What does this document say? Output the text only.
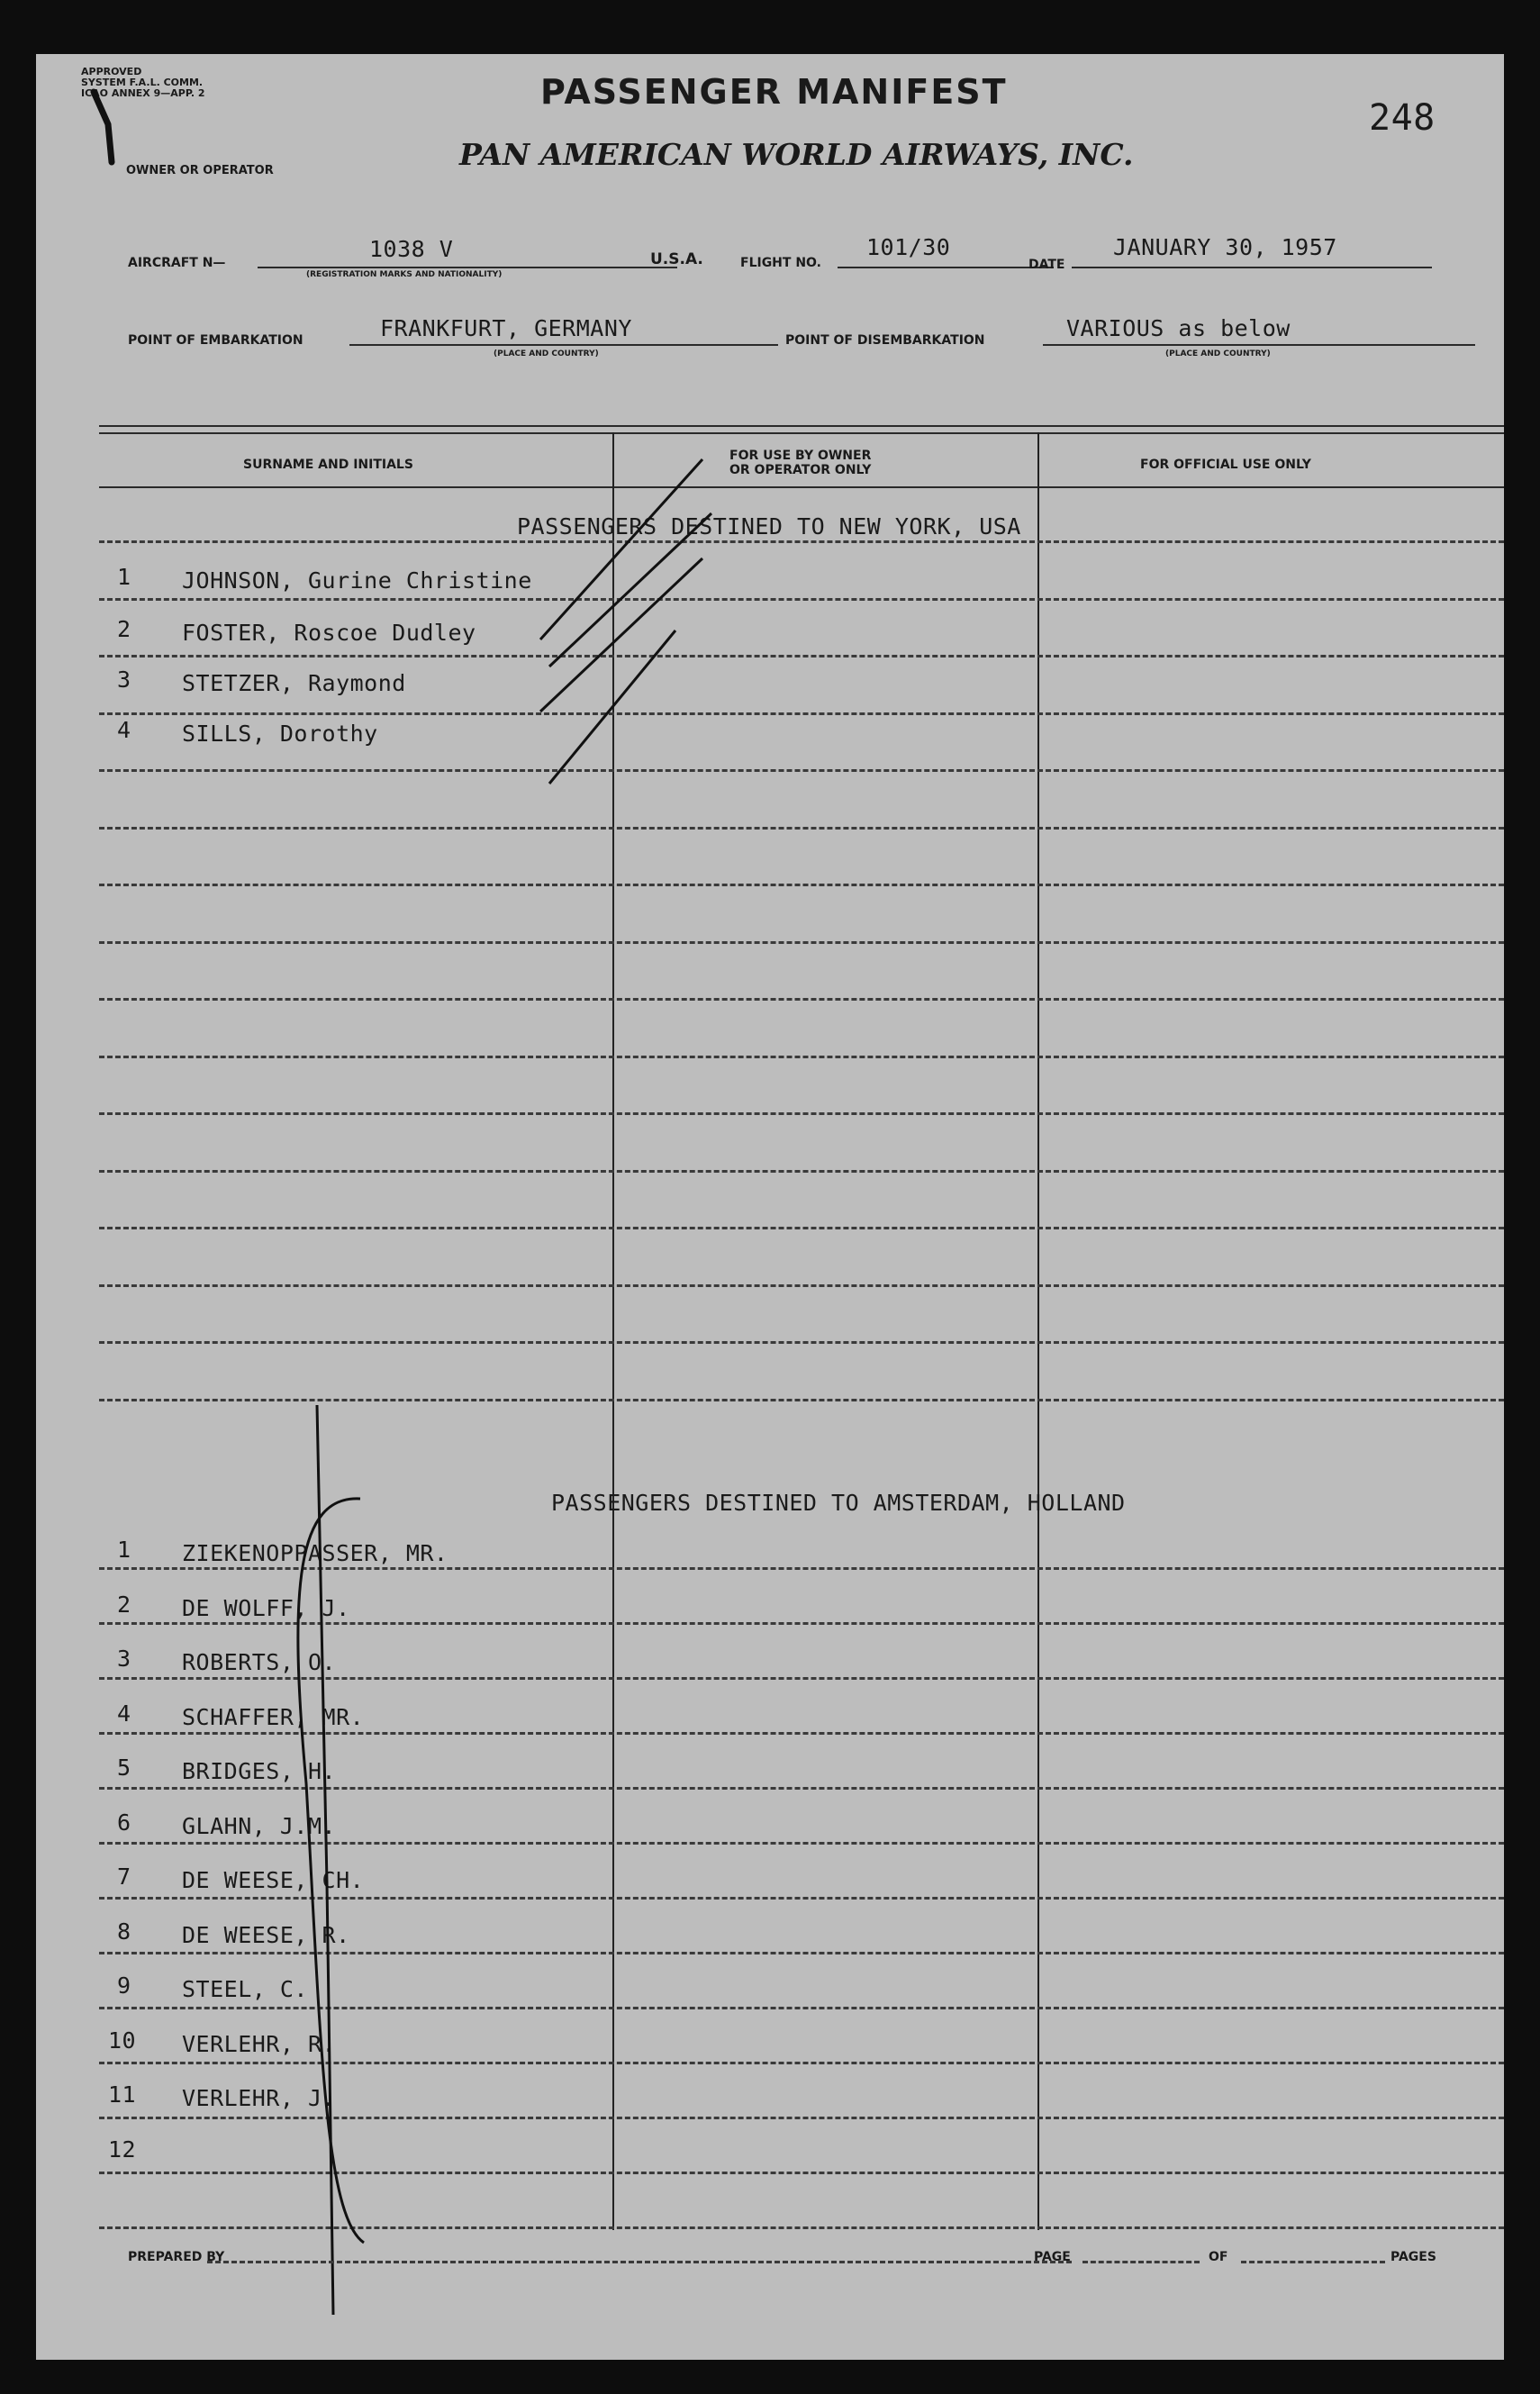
APPROVED
SYSTEM F.A.L. COMM.
ICAO ANNEX 9—APP. 2
OWNER OR OPERATOR
PASSENGER MANIFEST
PAN AMERICAN WORLD AIRWAYS, INC.
248
AIRCRAFT N—
1038 V
(REGISTRATION MARKS AND NATIONALITY)
U.S.A.	FLIGHT NO.
101/30
DATE
JANUARY 30, 1957
POINT OF EMBARKATION	FRANKFURT, GERMANY
(PLACE AND COUNTRY)
POINT OF DISEMBARKATION	VARIOUS as below
(PLACE AND COUNTRY)
SURNAME AND INITIALS
FOR USE BY OWNER
OR OPERATOR ONLY	FOR OFFICIAL USE ONLY
PASSENGERS DESTINED TO NEW YORK, USA
1 JOHNSON, Gurine Christine
2 FOSTER, Roscoe Dudley
3 STETZER, Raymond
4 SILLS, Dorothy
PASSENGERS DESTINED TO AMSTERDAM, HOLLAND
1 ZIEKENOPPASSER, MR.
2 DE WOLFF, J.
3 ROBERTS, O.
4 SCHAFFER, MR.
5 BRIDGES, H.
6 GLAHN, J.M.
7 DE WEESE, CH.
8 DE WEESE, R.
9 STEEL, C.
10 VERLEHR, R.
11 VERLEHR, J.
12
PREPARED BY	PAGE	OF	PAGES
